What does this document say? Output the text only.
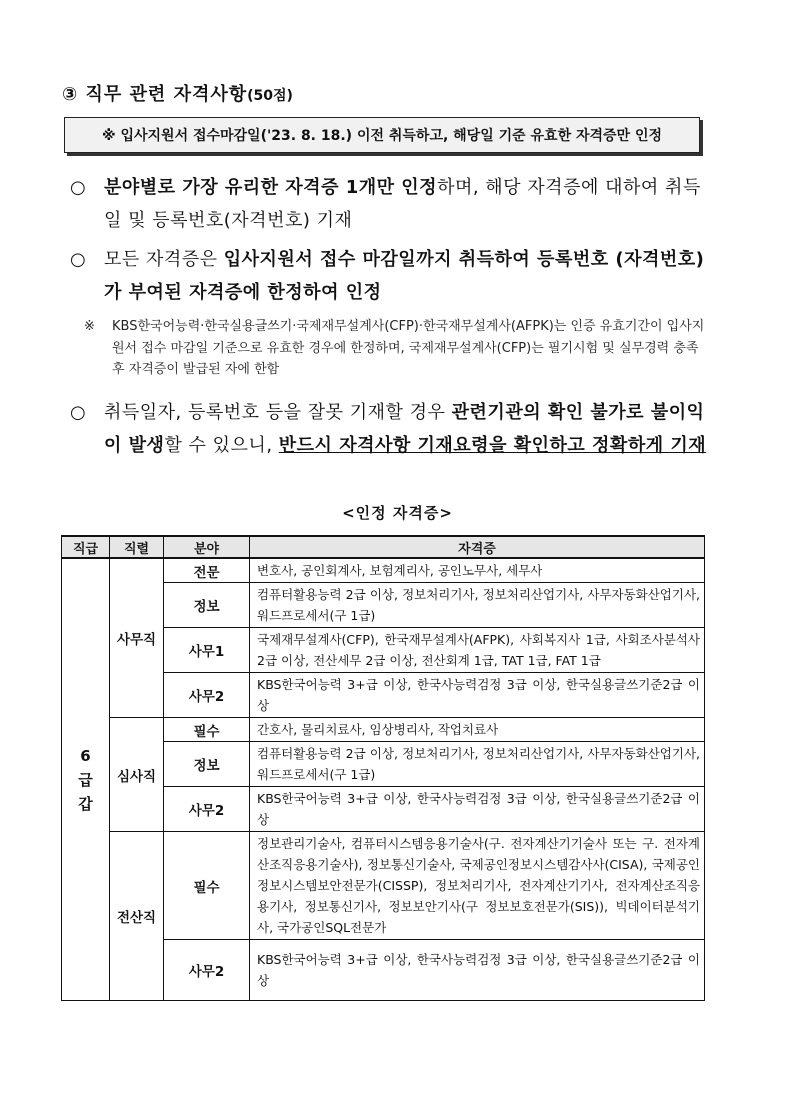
③ 직무 관련 자격사항(50점)
※ 입사지원서 접수마감일('23. 8. 18.) 이전 취득하고, 해당일 기준 유효한 자격증만 인정
○ 분야별로 가장 유리한 자격증 1개만 인정하며, 해당 자격증에 대하여 취득일 및 등록번호(자격번호) 기재
○ 모든 자격증은 입사지원서 접수 마감일까지 취득하여 등록번호 (자격번호)가 부여된 자격증에 한정하여 인정
※ KBS한국어능력·한국실용글쓰기·국제재무설계사(CFP)·한국재무설계사(AFPK)는 인증 유효기간이 입사지원서 접수 마감일 기준으로 유효한 경우에 한정하며, 국제재무설계사(CFP)는 필기시험 및 실무경력 충족 후 자격증이 발급된 자에 한함
○ 취득일자, 등록번호 등을 잘못 기재할 경우 관련기관의 확인 불가로 불이익이 발생할 수 있으니, 반드시 자격사항 기재요령을 확인하고 정확하게 기재
<인정 자격증>
직급	직렬	분야	자격증

6 급 갑	사무직	전문	변호사, 공인회계사, 보험계리사, 공인노무사, 세무사
		정보	컴퓨터활용능력 2급 이상, 정보처리기사, 정보처리산업기사, 사무자동화산업기사, 워드프로세서(구 1급)
		사무1	국제재무설계사(CFP), 한국재무설계사(AFPK), 사회복지사 1급, 사회조사분석사 2급 이상, 전산세무 2급 이상, 전산회계 1급, TAT 1급, FAT 1급
		사무2	KBS한국어능력 3+급 이상, 한국사능력검정 3급 이상, 한국실용글쓰기준2급 이상
	심사직	필수	간호사, 물리치료사, 임상병리사, 작업치료사
		정보	컴퓨터활용능력 2급 이상, 정보처리기사, 정보처리산업기사, 사무자동화산업기사, 워드프로세서(구 1급)
		사무2	KBS한국어능력 3+급 이상, 한국사능력검정 3급 이상, 한국실용글쓰기준2급 이상
	전산직	필수	정보관리기술사, 컴퓨터시스템응용기술사(구. 전자계산기기술사 또는 구. 전자계산조직응용기술사), 정보통신기술사, 국제공인정보시스템감사사(CISA), 국제공인정보시스템보안전문가(CISSP), 정보처리기사, 전자계산기기사, 전자계산조직응용기사, 정보통신기사, 정보보안기사(구 정보보호전문가(SIS)), 빅데이터분석기사, 국가공인SQL전문가
		사무2	KBS한국어능력 3+급 이상, 한국사능력검정 3급 이상, 한국실용글쓰기준2급 이상
